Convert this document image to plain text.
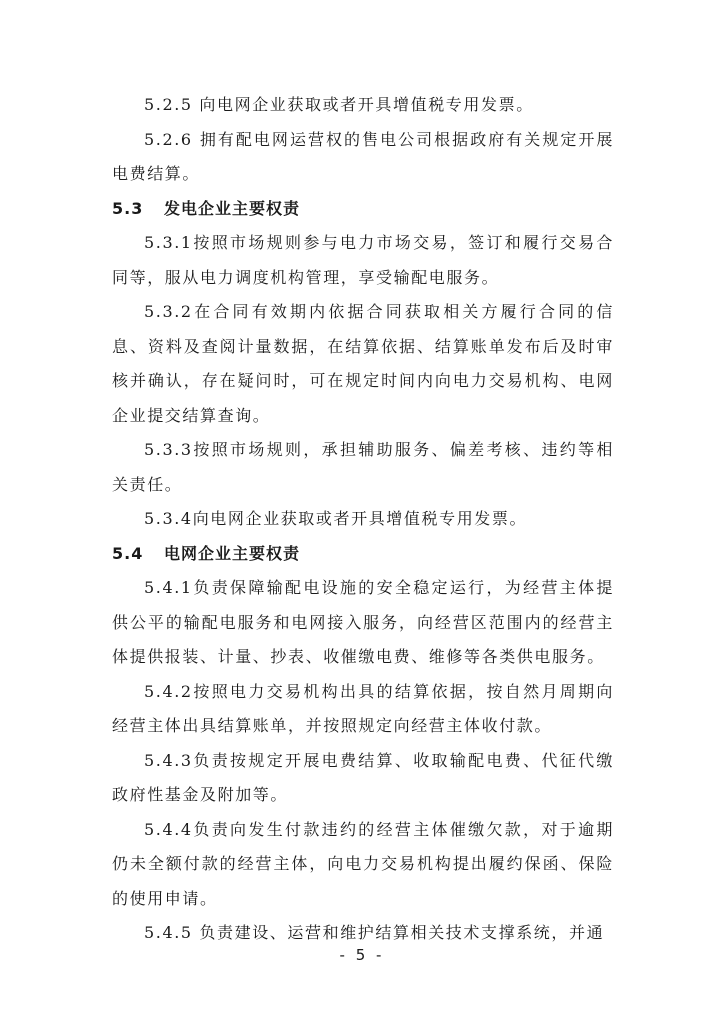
5.2.5 向电网企业获取或者开具增值税专用发票。

5.2.6 拥有配电网运营权的售电公司根据政府有关规定开展电费结算。

5.3 发电企业主要权责

5.3.1按照市场规则参与电力市场交易，签订和履行交易合同等，服从电力调度机构管理，享受输配电服务。

5.3.2在合同有效期内依据合同获取相关方履行合同的信息、资料及查阅计量数据，在结算依据、结算账单发布后及时审核并确认，存在疑问时，可在规定时间内向电力交易机构、电网企业提交结算查询。

5.3.3按照市场规则，承担辅助服务、偏差考核、违约等相关责任。

5.3.4向电网企业获取或者开具增值税专用发票。

5.4 电网企业主要权责

5.4.1负责保障输配电设施的安全稳定运行，为经营主体提供公平的输配电服务和电网接入服务，向经营区范围内的经营主体提供报装、计量、抄表、收催缴电费、维修等各类供电服务。

5.4.2按照电力交易机构出具的结算依据，按自然月周期向经营主体出具结算账单，并按照规定向经营主体收付款。

5.4.3负责按规定开展电费结算、收取输配电费、代征代缴政府性基金及附加等。

5.4.4负责向发生付款违约的经营主体催缴欠款，对于逾期仍未全额付款的经营主体，向电力交易机构提出履约保函、保险的使用申请。

5.4.5 负责建设、运营和维护结算相关技术支撑系统，并通

- 5 -
